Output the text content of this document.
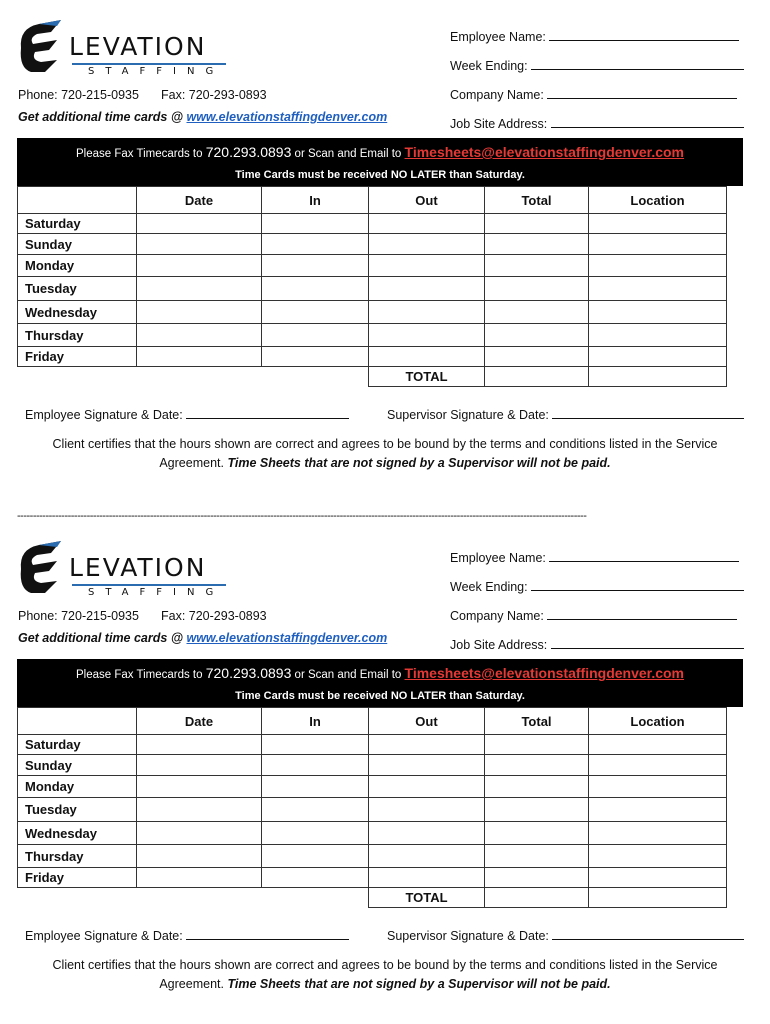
LEVATION
STAFFING
Phone: 720-215-0935 Fax: 720-293-0893
Get additional time cards @ www.elevationstaffingdenver.com
Employee Name:
Week Ending:
Company Name:
Job Site Address:
Please Fax Timecards to 720.293.0893 or Scan and Email to Timesheets@elevationstaffingdenver.com
Time Cards must be received NO LATER than Saturday.
	Date	In	Out	Total	Location
Saturday					
Sunday					
Monday					
Tuesday					
Wednesday					
Thursday					
Friday					
			TOTAL		
Employee Signature & Date:	Supervisor Signature & Date:
Client certifies that the hours shown are correct and agrees to be bound by the terms and conditions listed in the Service Agreement. Time Sheets that are not signed by a Supervisor will not be paid.
------------------------------------------------------------------------------------------------------------------------------------------------------------------------------------
LEVATION
STAFFING
Phone: 720-215-0935 Fax: 720-293-0893
Get additional time cards @ www.elevationstaffingdenver.com
Employee Name:
Week Ending:
Company Name:
Job Site Address:
Please Fax Timecards to 720.293.0893 or Scan and Email to Timesheets@elevationstaffingdenver.com
Time Cards must be received NO LATER than Saturday.
	Date	In	Out	Total	Location
Saturday					
Sunday					
Monday					
Tuesday					
Wednesday					
Thursday					
Friday					
			TOTAL		
Employee Signature & Date:	Supervisor Signature & Date:
Client certifies that the hours shown are correct and agrees to be bound by the terms and conditions listed in the Service Agreement. Time Sheets that are not signed by a Supervisor will not be paid.
